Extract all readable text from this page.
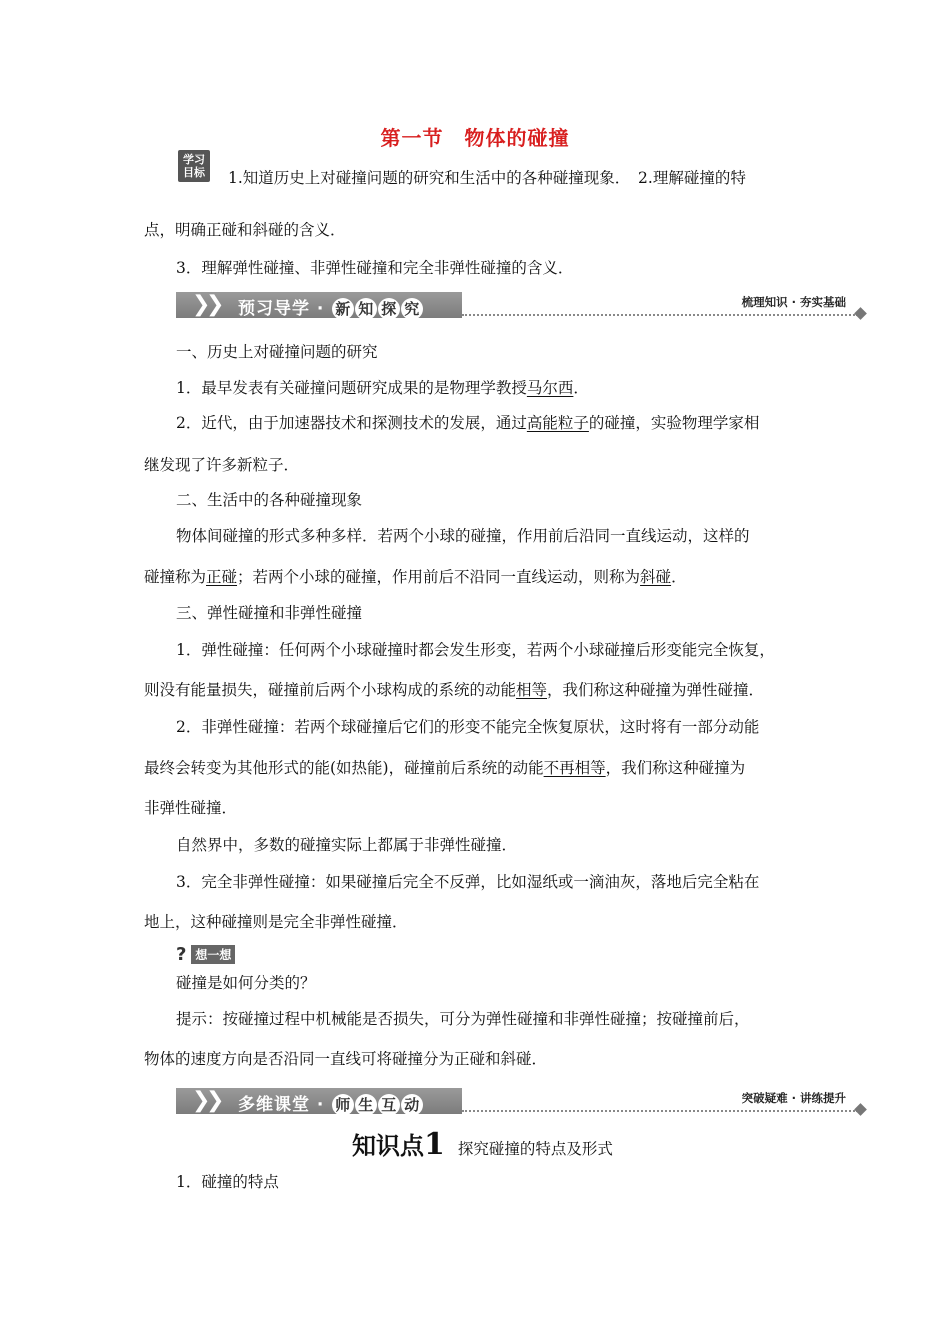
第一节　物体的碰撞
学习
目标	1.知道历史上对碰撞问题的研究和生活中的各种碰撞现象．　2.理解碰撞的特
点，明确正碰和斜碰的含义．
3．理解弹性碰撞、非弹性碰撞和完全非弹性碰撞的含义．
❯
❯ 预习导学 · 新 知 探 究	梳理知识 · 夯实基础
一、历史上对碰撞问题的研究
1．最早发表有关碰撞问题研究成果的是物理学教授马尔西．
2．近代，由于加速器技术和探测技术的发展，通过高能粒子的碰撞，实验物理学家相
继发现了许多新粒子．
二、生活中的各种碰撞现象
物体间碰撞的形式多种多样．若两个小球的碰撞，作用前后沿同一直线运动，这样的
碰撞称为正碰；若两个小球的碰撞，作用前后不沿同一直线运动，则称为斜碰．
三、弹性碰撞和非弹性碰撞
1．弹性碰撞：任何两个小球碰撞时都会发生形变，若两个小球碰撞后形变能完全恢复，
则没有能量损失，碰撞前后两个小球构成的系统的动能相等，我们称这种碰撞为弹性碰撞．
2．非弹性碰撞：若两个球碰撞后它们的形变不能完全恢复原状，这时将有一部分动能
最终会转变为其他形式的能(如热能)，碰撞前后系统的动能不再相等，我们称这种碰撞为
非弹性碰撞．
自然界中，多数的碰撞实际上都属于非弹性碰撞．
3．完全非弹性碰撞：如果碰撞后完全不反弹，比如湿纸或一滴油灰，落地后完全粘在
地上，这种碰撞则是完全非弹性碰撞．
? 想一想
碰撞是如何分类的？
提示：按碰撞过程中机械能是否损失，可分为弹性碰撞和非弹性碰撞；按碰撞前后，
物体的速度方向是否沿同一直线可将碰撞分为正碰和斜碰．
❯
❯ 多维课堂 · 师 生 互 动	突破疑难 · 讲练提升
知识点1 探究碰撞的特点及形式
1．碰撞的特点
